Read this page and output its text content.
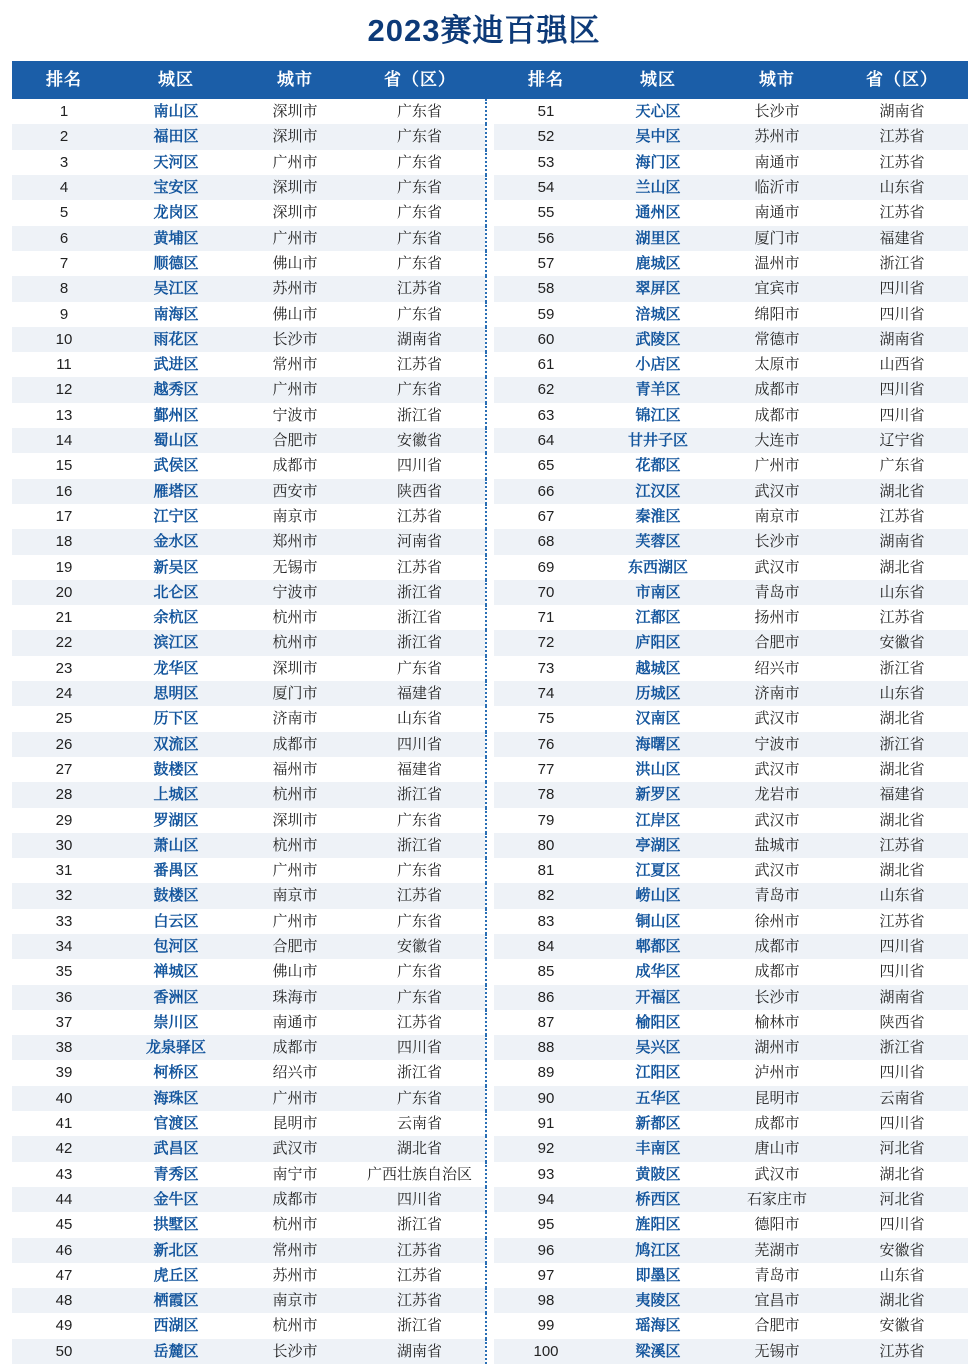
2023赛迪百强区
排名	城区	城市	省（区）		排名	城区	城市	省（区）
1	南山区	深圳市	广东省		51	天心区	长沙市	湖南省
2	福田区	深圳市	广东省		52	吴中区	苏州市	江苏省
3	天河区	广州市	广东省		53	海门区	南通市	江苏省
4	宝安区	深圳市	广东省		54	兰山区	临沂市	山东省
5	龙岗区	深圳市	广东省		55	通州区	南通市	江苏省
6	黄埔区	广州市	广东省		56	湖里区	厦门市	福建省
7	顺德区	佛山市	广东省		57	鹿城区	温州市	浙江省
8	吴江区	苏州市	江苏省		58	翠屏区	宜宾市	四川省
9	南海区	佛山市	广东省		59	涪城区	绵阳市	四川省
10	雨花区	长沙市	湖南省		60	武陵区	常德市	湖南省
11	武进区	常州市	江苏省		61	小店区	太原市	山西省
12	越秀区	广州市	广东省		62	青羊区	成都市	四川省
13	鄞州区	宁波市	浙江省		63	锦江区	成都市	四川省
14	蜀山区	合肥市	安徽省		64	甘井子区	大连市	辽宁省
15	武侯区	成都市	四川省		65	花都区	广州市	广东省
16	雁塔区	西安市	陕西省		66	江汉区	武汉市	湖北省
17	江宁区	南京市	江苏省		67	秦淮区	南京市	江苏省
18	金水区	郑州市	河南省		68	芙蓉区	长沙市	湖南省
19	新吴区	无锡市	江苏省		69	东西湖区	武汉市	湖北省
20	北仑区	宁波市	浙江省		70	市南区	青岛市	山东省
21	余杭区	杭州市	浙江省		71	江都区	扬州市	江苏省
22	滨江区	杭州市	浙江省		72	庐阳区	合肥市	安徽省
23	龙华区	深圳市	广东省		73	越城区	绍兴市	浙江省
24	思明区	厦门市	福建省		74	历城区	济南市	山东省
25	历下区	济南市	山东省		75	汉南区	武汉市	湖北省
26	双流区	成都市	四川省		76	海曙区	宁波市	浙江省
27	鼓楼区	福州市	福建省		77	洪山区	武汉市	湖北省
28	上城区	杭州市	浙江省		78	新罗区	龙岩市	福建省
29	罗湖区	深圳市	广东省		79	江岸区	武汉市	湖北省
30	萧山区	杭州市	浙江省		80	亭湖区	盐城市	江苏省
31	番禺区	广州市	广东省		81	江夏区	武汉市	湖北省
32	鼓楼区	南京市	江苏省		82	崂山区	青岛市	山东省
33	白云区	广州市	广东省		83	铜山区	徐州市	江苏省
34	包河区	合肥市	安徽省		84	郫都区	成都市	四川省
35	禅城区	佛山市	广东省		85	成华区	成都市	四川省
36	香洲区	珠海市	广东省		86	开福区	长沙市	湖南省
37	崇川区	南通市	江苏省		87	榆阳区	榆林市	陕西省
38	龙泉驿区	成都市	四川省		88	吴兴区	湖州市	浙江省
39	柯桥区	绍兴市	浙江省		89	江阳区	泸州市	四川省
40	海珠区	广州市	广东省		90	五华区	昆明市	云南省
41	官渡区	昆明市	云南省		91	新都区	成都市	四川省
42	武昌区	武汉市	湖北省		92	丰南区	唐山市	河北省
43	青秀区	南宁市	广西壮族自治区		93	黄陂区	武汉市	湖北省
44	金牛区	成都市	四川省		94	桥西区	石家庄市	河北省
45	拱墅区	杭州市	浙江省		95	旌阳区	德阳市	四川省
46	新北区	常州市	江苏省		96	鸠江区	芜湖市	安徽省
47	虎丘区	苏州市	江苏省		97	即墨区	青岛市	山东省
48	栖霞区	南京市	江苏省		98	夷陵区	宜昌市	湖北省
49	西湖区	杭州市	浙江省		99	瑶海区	合肥市	安徽省
50	岳麓区	长沙市	湖南省		100	梁溪区	无锡市	江苏省
